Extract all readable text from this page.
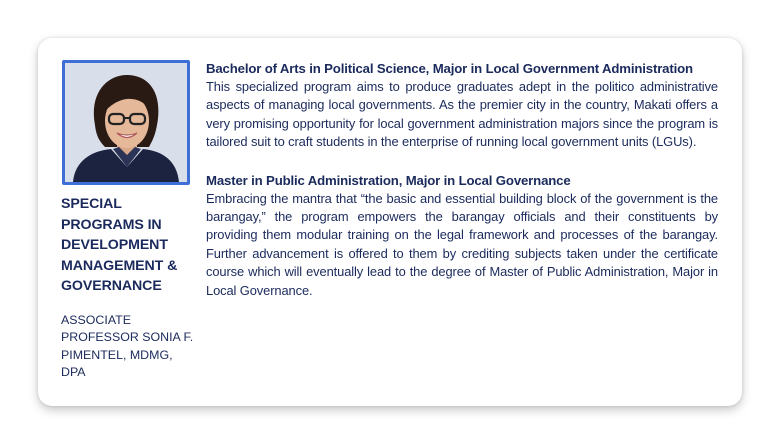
SPECIAL PROGRAMS IN DEVELOPMENT MANAGEMENT & GOVERNANCE
ASSOCIATE PROFESSOR SONIA F. PIMENTEL, MDMG, DPA
Bachelor of Arts in Political Science, Major in Local Government Administration

This specialized program aims to produce graduates adept in the politico administrative aspects of managing local governments. As the premier city in the country, Makati offers a very promising opportunity for local government administration majors since the program is tailored suit to craft students in the enterprise of running local government units (LGUs).

Master in Public Administration, Major in Local Governance

Embracing the mantra that “the basic and essential building block of the government is the barangay,” the program empowers the barangay officials and their constituents by providing them modular training on the legal framework and processes of the barangay. Further advancement is offered to them by crediting subjects taken under the certificate course which will eventually lead to the degree of Master of Public Administration, Major in Local Governance.
